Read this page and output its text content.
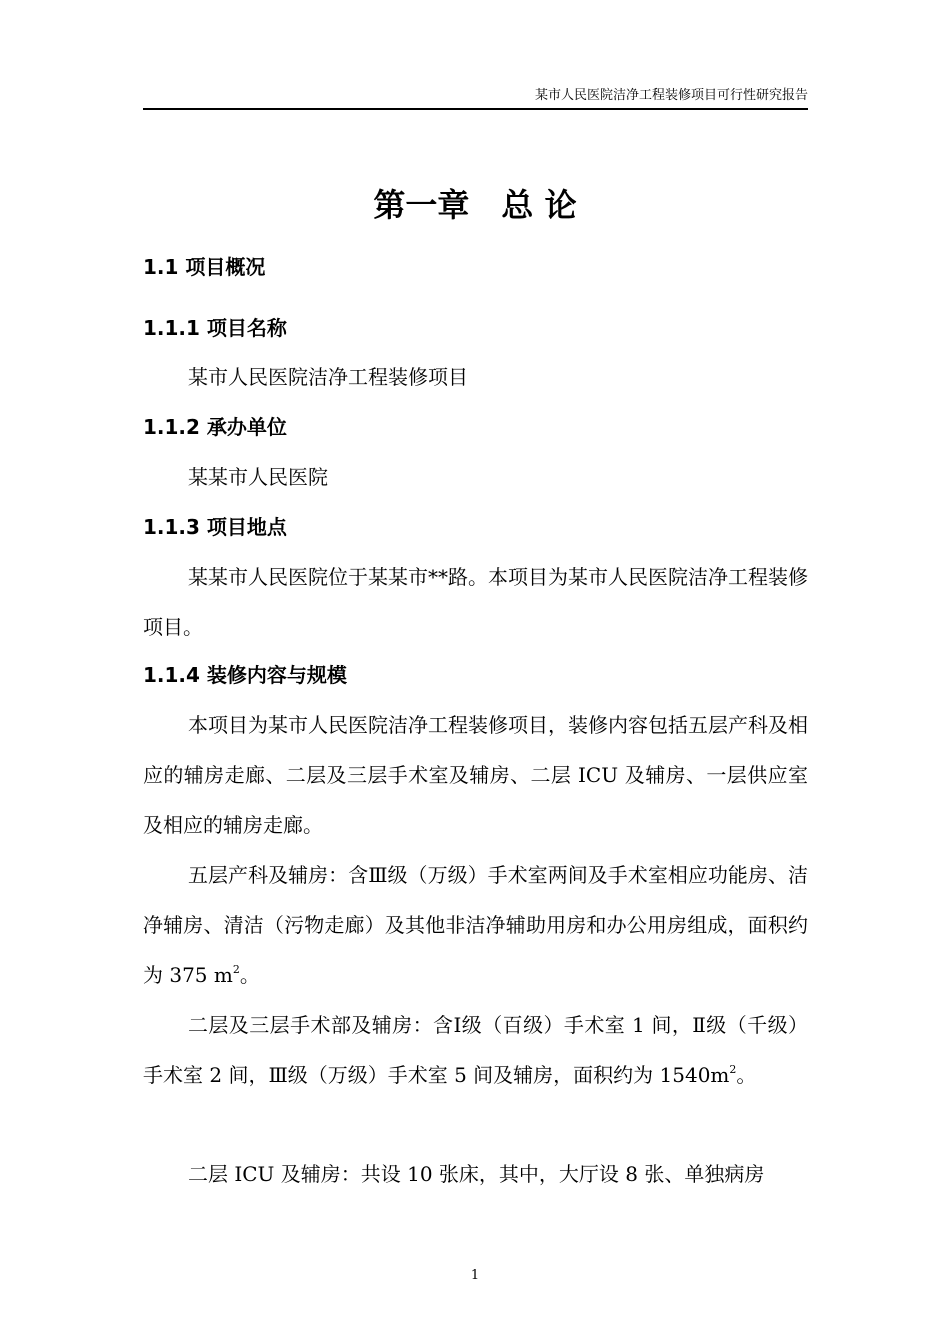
某市人民医院洁净工程装修项目可行性研究报告
第一章　总 论
1.1 项目概况
1.1.1 项目名称

某市人民医院洁净工程装修项目

1.1.2 承办单位

某某市人民医院

1.1.3 项目地点

某某市人民医院位于某某市**路。本项目为某市人民医院洁净工程装修项目。

1.1.4 装修内容与规模

本项目为某市人民医院洁净工程装修项目，装修内容包括五层产科及相应的辅房走廊、二层及三层手术室及辅房、二层 ICU 及辅房、一层供应室及相应的辅房走廊。

五层产科及辅房：含Ⅲ级（万级）手术室两间及手术室相应功能房、洁净辅房、清洁（污物走廊）及其他非洁净辅助用房和办公用房组成，面积约为 375 $m^2$。

二层及三层手术部及辅房：含Ⅰ级（百级）手术室 1 间，Ⅱ级（千级）手术室 2 间，Ⅲ级（万级）手术室 5 间及辅房，面积约为 $1540m^2$。

二层 ICU 及辅房：共设 10 张床，其中，大厅设 8 张、单独病房

1
